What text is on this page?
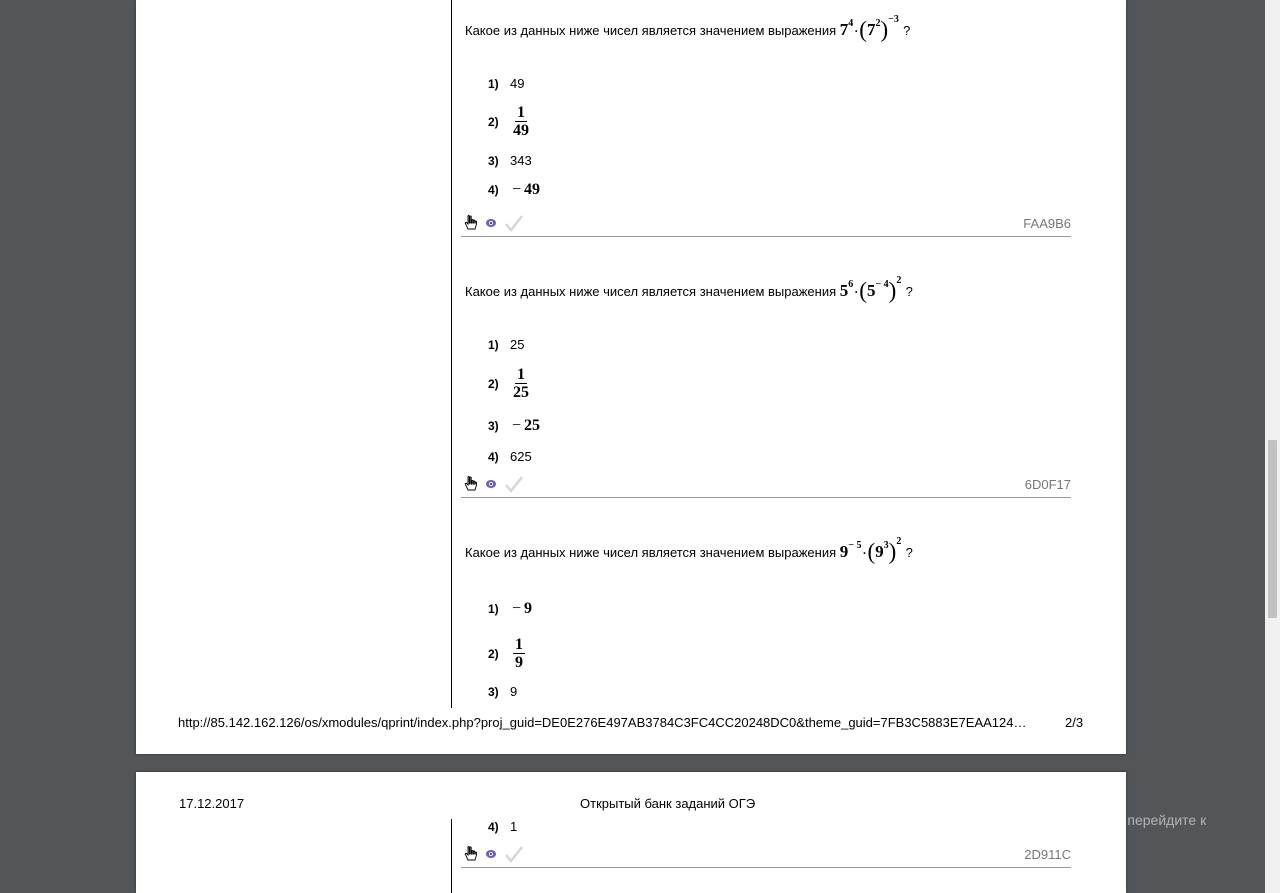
Какое из данных ниже чисел является значением выражения $7^4\cdot(7^2)^{-3}$ ?
1) 49
$2) \frac{1}{49}$
3) 343
4) − 49
FAA9B6
Какое из данных ниже чисел является значением выражения $5^6\cdot(5^{- 4})^2$ ?
1) 25
$2) \frac{1}{25}$
3) − 25
4) 625
6D0F17
Какое из данных ниже чисел является значением выражения $9^{- 5}\cdot(9^3)^2$ ?
1) − 9
$2) \frac{1}{9}$
3) 9
http://85.142.162.126/os/xmodules/qprint/index.php?proj_guid=DE0E276E497AB3784C3FC4CC20248DC0&theme_guid=7FB3C5883E7EAA124…	2/3
17.12.2017	Открытый банк заданий ОГЭ
4) 1
2D911C
Активация Windows
Чтобы активировать Windows, перейдите к
параметрам компьютера.
